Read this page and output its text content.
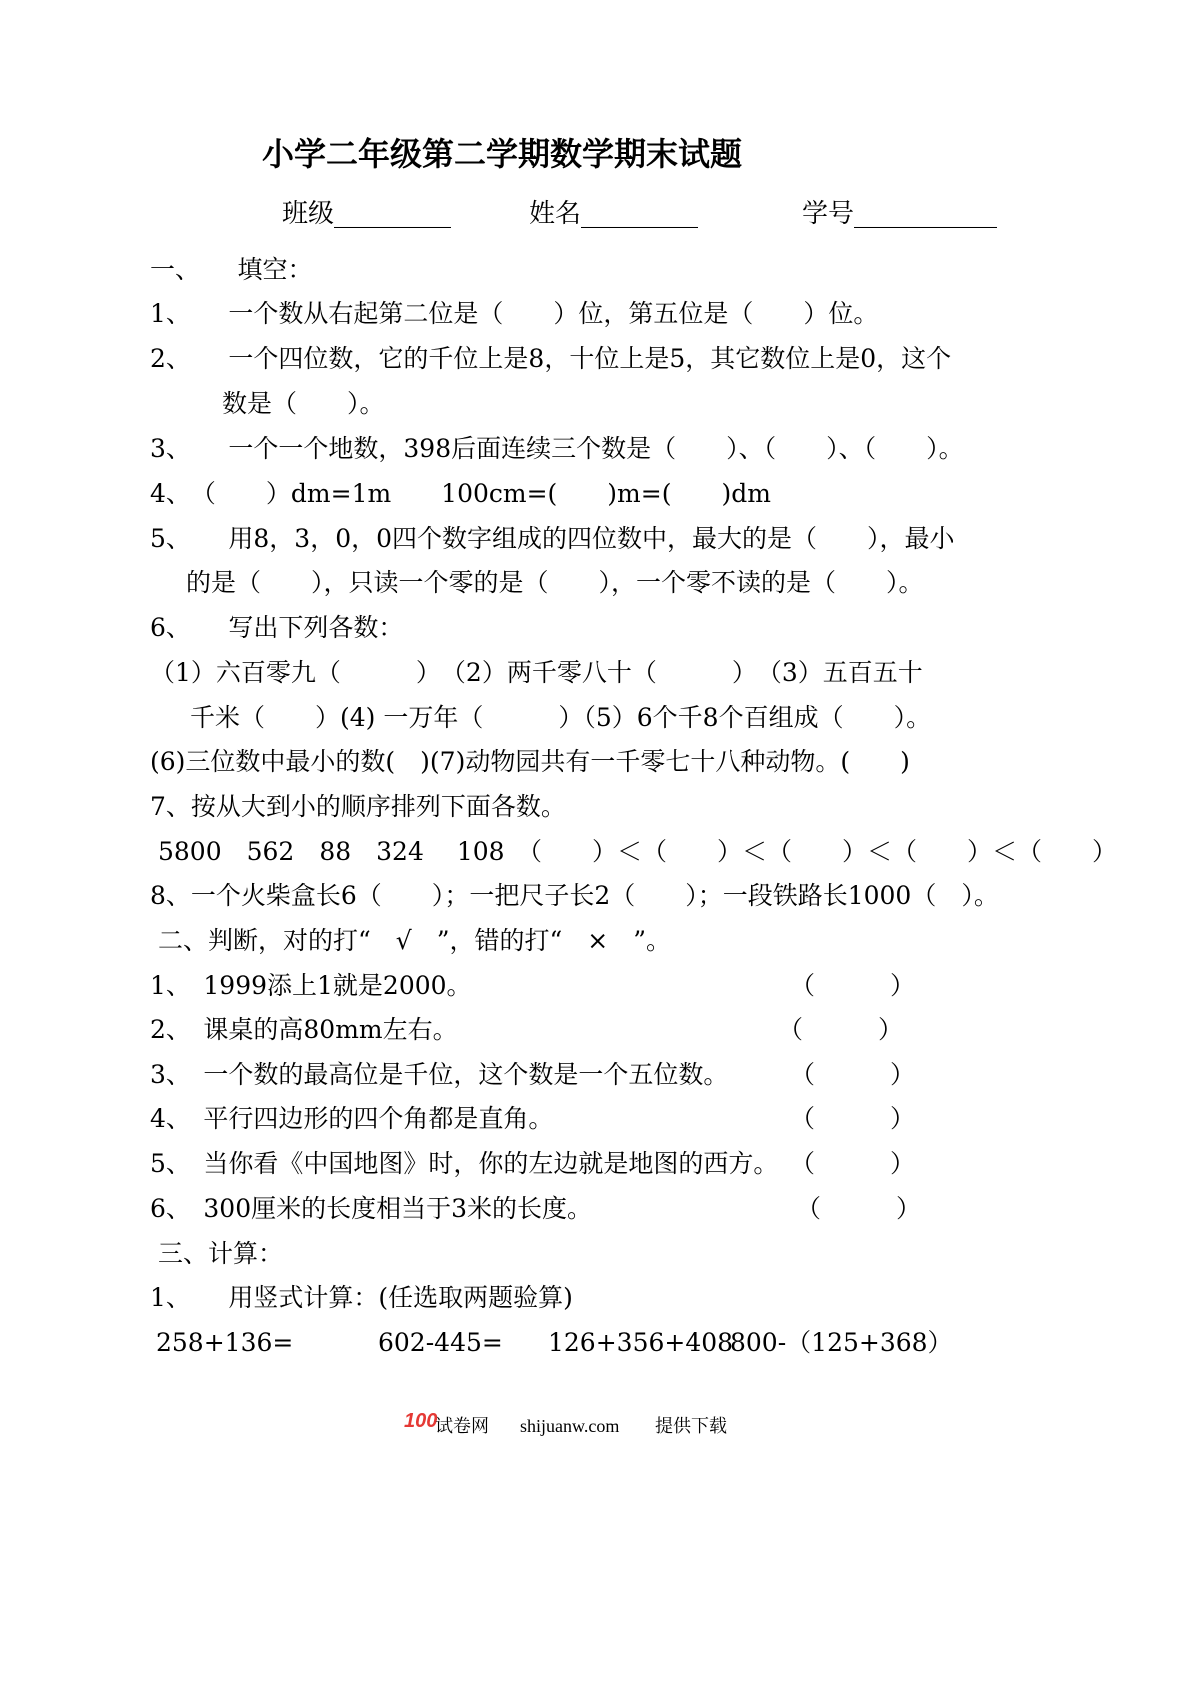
小学二年级第二学期数学期末试题
班级_________　　　姓名_________　　　　学号___________
一、　　填空：
1、　　一个数从右起第二位是（　　）位，第五位是（　　）位。
2、　　一个四位数，它的千位上是8，十位上是5，其它数位上是0，这个
数是（　　）。
3、　　一个一个地数，398后面连续三个数是（　　）、（　　）、（　　）。
4、　（　　）dm=1m　　100cm=(　　)m=(　　)dm
5、　　用8，3，0，0四个数字组成的四位数中，最大的是（　　），最小
的是（　　），只读一个零的是（　　），一个零不读的是（　　）。
6、　　写出下列各数：
（1）六百零九（　　　）　（2）两千零八十（　　　）　（3）五百五十
千米（　　）(4) 一万年（　　　）（5）6个千8个百组成（　　）。
(6)三位数中最小的数(　)(7)动物园共有一千零七十八种动物。(　　)
7、按从大到小的顺序排列下面各数。
5800　562　88　324　 108　（　　）＜（　　）＜（　　）＜（　　）＜（　　）
8、一个火柴盒长6（　　）；一把尺子长2（　　）；一段铁路长1000（　）。
二、判断，对的打“　√　”，错的打“　×　”。
1、　1999添上1就是2000。	（　　　）
2、　课桌的高80mm左右。	（　　　）
3、　一个数的最高位是千位，这个数是一个五位数。 （　　　）
4、　平行四边形的四个角都是直角。	（　　　）
5、　当你看《中国地图》时，你的左边就是地图的西方。 （　　　）
6、　300厘米的长度相当于3米的长度。	（　　　）
三、计算：
1、　　用竖式计算：(任选取两题验算)
258+136=	602-445= 126+356+408
800-（125+368）
100
试卷网 shijuanw.com 提供下载
